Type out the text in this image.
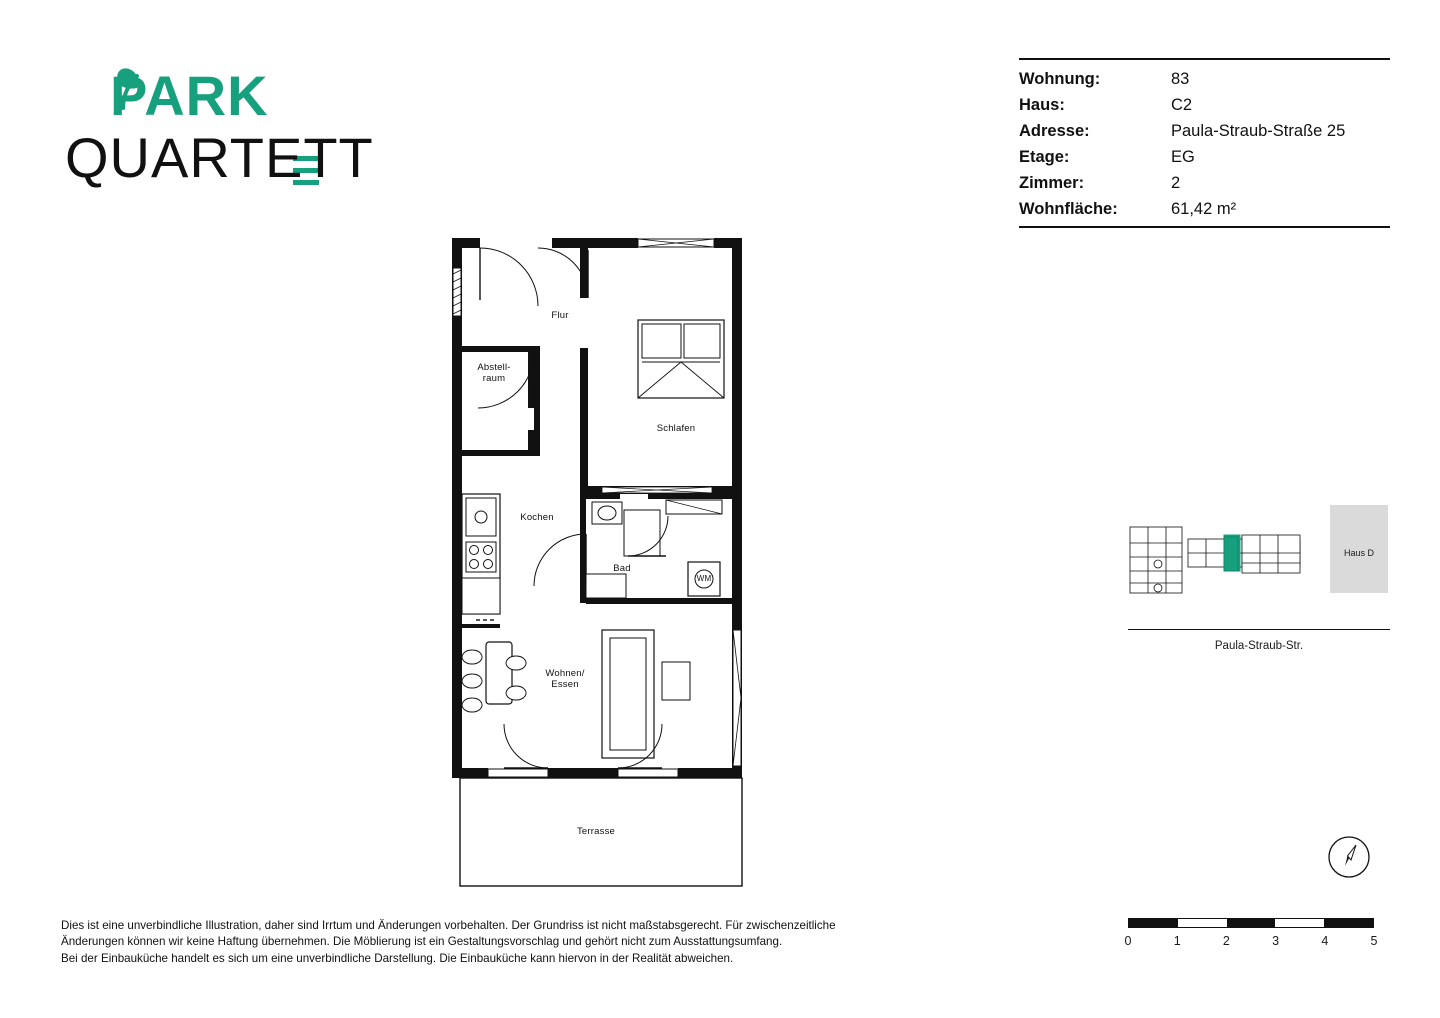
PARK
QUARTETT
Wohnung:	83
Haus:	C2
Adresse:	Paula-Straub-Straße 25
Etage:	EG
Zimmer:	2
Wohnfläche:	61,42 m²
Flur
Abstell-
raum
Schlafen
Kochen
Bad
Wohnen/
Essen
Terrasse
WM
Haus D
Paula-Straub-Str.
0	1	2	3	4	5
Dies ist eine unverbindliche Illustration, daher sind Irrtum und Änderungen vorbehalten. Der Grundriss ist nicht maßstabsgerecht. Für zwischenzeitliche
Änderungen können wir keine Haftung übernehmen. Die Möblierung ist ein Gestaltungsvorschlag und gehört nicht zum Ausstattungsumfang.
Bei der Einbauküche handelt es sich um eine unverbindliche Darstellung. Die Einbauküche kann hiervon in der Realität abweichen.
